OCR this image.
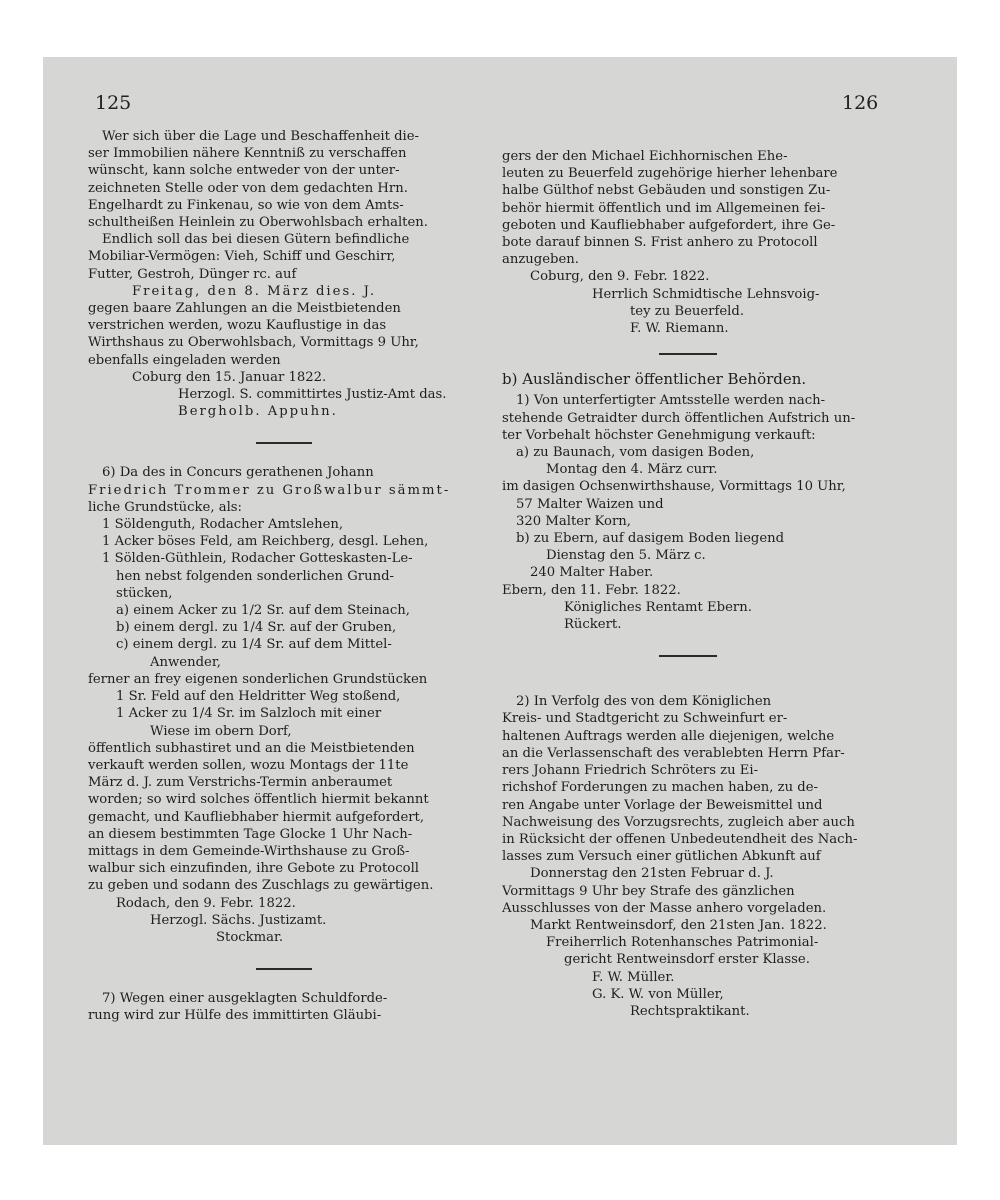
125	126
Wer sich über die Lage und Beschaffenheit die-
ser Immobilien nähere Kenntniß zu verschaffen
wünscht, kann solche entweder von der unter-
zeichneten Stelle oder von dem gedachten Hrn.
Engelhardt zu Finkenau, so wie von dem Amts-
schultheißen Heinlein zu Oberwohlsbach erhalten.
Endlich soll das bei diesen Gütern befindliche
Mobiliar-Vermögen: Vieh, Schiff und Geschirr,
Futter, Gestroh, Dünger rc. auf
Freitag, den 8. März dies. J.
gegen baare Zahlungen an die Meistbietenden
verstrichen werden, wozu Kauflustige in das
Wirthshaus zu Oberwohlsbach, Vormittags 9 Uhr,
ebenfalls eingeladen werden
Coburg den 15. Januar 1822.
Herzogl. S. committirtes Justiz-Amt das.
Bergholb. Appuhn.
6) Da des in Concurs gerathenen Johann
Friedrich Trommer zu Großwalbur sämmt-
liche Grundstücke, als:
1 Söldenguth, Rodacher Amtslehen,
1 Acker böses Feld, am Reichberg, desgl. Lehen,
1 Sölden-Güthlein, Rodacher Gotteskasten-Le-
hen nebst folgenden sonderlichen Grund-
stücken,
a) einem Acker zu 1/2 Sr. auf dem Steinach,
b) einem dergl. zu 1/4 Sr. auf der Gruben,
c) einem dergl. zu 1/4 Sr. auf dem Mittel-
Anwender,
ferner an frey eigenen sonderlichen Grundstücken
1 Sr. Feld auf den Heldritter Weg stoßend,
1 Acker zu 1/4 Sr. im Salzloch mit einer
Wiese im obern Dorf,
öffentlich subhastiret und an die Meistbietenden
verkauft werden sollen, wozu Montags der 11te
März d. J. zum Verstrichs-Termin anberaumet
worden; so wird solches öffentlich hiermit bekannt
gemacht, und Kaufliebhaber hiermit aufgefordert,
an diesem bestimmten Tage Glocke 1 Uhr Nach-
mittags in dem Gemeinde-Wirthshause zu Groß-
walbur sich einzufinden, ihre Gebote zu Protocoll
zu geben und sodann des Zuschlags zu gewärtigen.
Rodach, den 9. Febr. 1822.
Herzogl. Sächs. Justizamt.
Stockmar.
7) Wegen einer ausgeklagten Schuldforde-
rung wird zur Hülfe des immittirten Gläubi-
gers der den Michael Eichhornischen Ehe-
leuten zu Beuerfeld zugehörige hierher lehenbare
halbe Gülthof nebst Gebäuden und sonstigen Zu-
behör hiermit öffentlich und im Allgemeinen fei-
geboten und Kaufliebhaber aufgefordert, ihre Ge-
bote darauf binnen S. Frist anhero zu Protocoll
anzugeben.
Coburg, den 9. Febr. 1822.
Herrlich Schmidtische Lehnsvoig-
tey zu Beuerfeld.
F. W. Riemann.
b) Ausländischer öffentlicher Behörden.
1) Von unterfertigter Amtsstelle werden nach-
stehende Getraidter durch öffentlichen Aufstrich un-
ter Vorbehalt höchster Genehmigung verkauft:
a) zu Baunach, vom dasigen Boden,
Montag den 4. März curr.
im dasigen Ochsenwirthshause, Vormittags 10 Uhr,
57 Malter Waizen und
320 Malter Korn,
b) zu Ebern, auf dasigem Boden liegend
Dienstag den 5. März c.
240 Malter Haber.
Ebern, den 11. Febr. 1822.
Königliches Rentamt Ebern.
Rückert.
2) In Verfolg des von dem Königlichen
Kreis- und Stadtgericht zu Schweinfurt er-
haltenen Auftrags werden alle diejenigen, welche
an die Verlassenschaft des verablebten Herrn Pfar-
rers Johann Friedrich Schröters zu Ei-
richshof Forderungen zu machen haben, zu de-
ren Angabe unter Vorlage der Beweismittel und
Nachweisung des Vorzugsrechts, zugleich aber auch
in Rücksicht der offenen Unbedeutendheit des Nach-
lasses zum Versuch einer gütlichen Abkunft auf
Donnerstag den 21sten Februar d. J.
Vormittags 9 Uhr bey Strafe des gänzlichen
Ausschlusses von der Masse anhero vorgeladen.
Markt Rentweinsdorf, den 21sten Jan. 1822.
Freiherrlich Rotenhansches Patrimonial-
gericht Rentweinsdorf erster Klasse.
F. W. Müller.
G. K. W. von Müller,
Rechtspraktikant.
